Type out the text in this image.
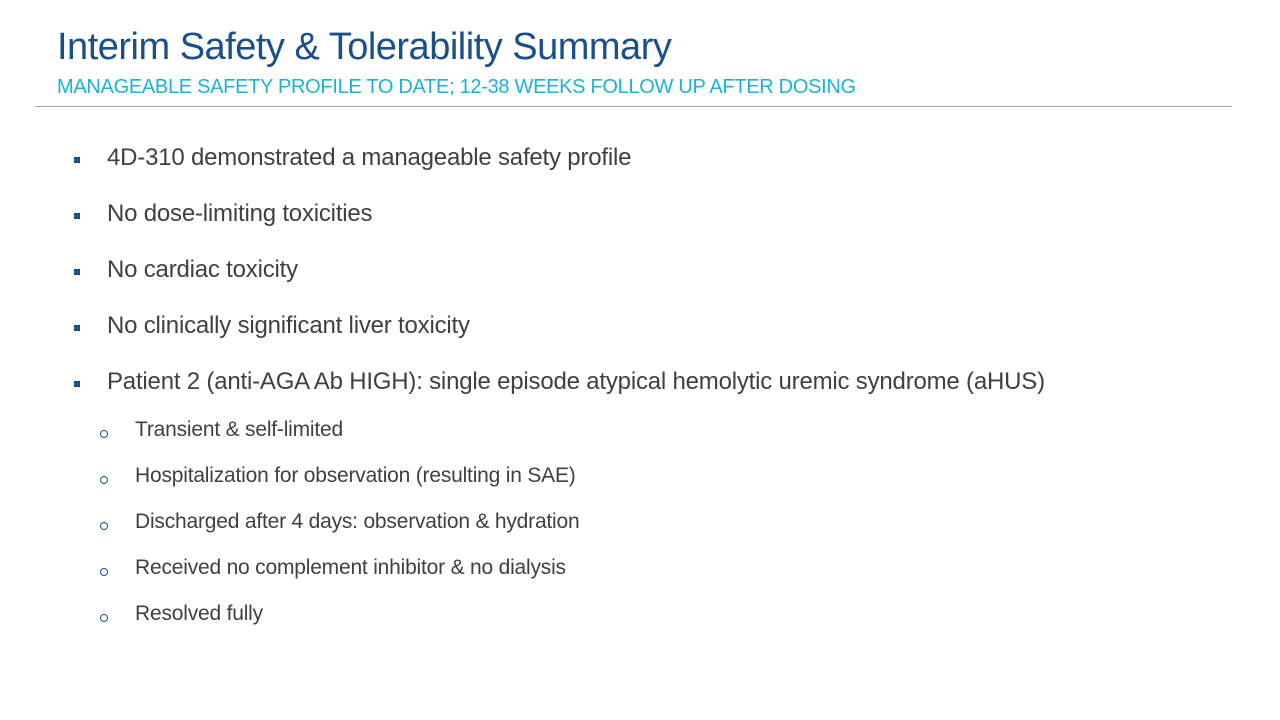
Interim Safety & Tolerability Summary

MANAGEABLE SAFETY PROFILE TO DATE; 12-38 WEEKS FOLLOW UP AFTER DOSING

4D-310 demonstrated a manageable safety profile
No dose-limiting toxicities
No cardiac toxicity
No clinically significant liver toxicity
Patient 2 (anti-AGA Ab HIGH): single episode atypical hemolytic uremic syndrome (aHUS)
Transient & self-limited
Hospitalization for observation (resulting in SAE)
Discharged after 4 days: observation & hydration
Received no complement inhibitor & no dialysis
Resolved fully
